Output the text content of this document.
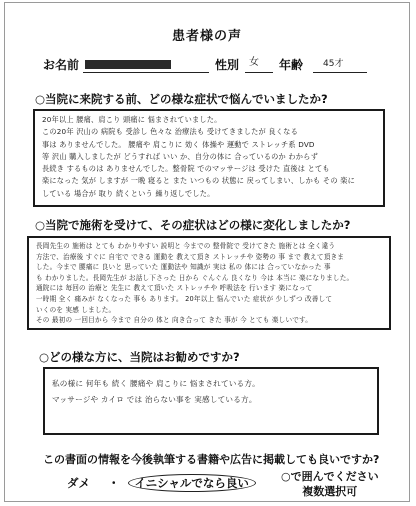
患者様の声
お名前	性別 女 年齢 45才
○当院に来院する前、どの様な症状で悩んでいましたか?

20年以上 腰痛、肩こり 頭痛に 悩まされていました。

この20年 沢山の 病院も 受診し 色々な 治療法も 受けてきましたが 良くなる

事は ありませんでした。 腰痛や 肩こりに 効く 体操や 運動で ストレッチ系 DVD

等 沢山 購入しましたが どうすれば いい か、自分の体に 合っているのか わからず

長続き するものは ありませんでした。整骨院 でのマッサージは 受けた 直後は とても

楽になった 気が しますが 一晩 寝ると また いつもの 状態に 戻ってしまい、しかも その 楽に

している 場合が 取り 続くという 繰り返しでした。

○当院で施術を受けて、その症状はどの様に変化しましたか?

長岡先生の 施術は とても わかりやすい 説明と 今までの 整骨院で 受けてきた 施術とは 全く違う

方法で、治療後 すぐに 自宅で できる 運動を 教えて頂き ストレッチや 姿勢の 事 まで 教えて頂きま

した。今まで 腰痛に 良いと 思っていた 運動法や 知識が 実は 私の 体には 合っていなかった 事

も わかりました。長岡先生が お話し下さった 日から ぐんぐん 良くなり 今は 本当に 楽になりました。

通院には 毎回の 治療と 先生に 教えて頂いた ストレッチや 呼吸法を 行います 楽になって

一時期 全く 痛みが なくなった 事も あります。 20年以上 悩んでいた 症状が 少しずつ 改善して

いくのを 実感 しました。

その 最初の 一回目から 今まで 自分の 体と 向き合って きた 事が 今 とても 楽しいです。

○どの様な方に、当院はお勧めですか?

私の様に 何年も 続く 腰痛や 肩こりに 悩まされている方。

マッサージや カイロ では 治らない事を 実感している方。

この書面の情報を今後執筆する書籍や広告に掲載しても良いですか?
ダメ ・ イニシャルでなら良い	○で囲んでください
複数選択可
